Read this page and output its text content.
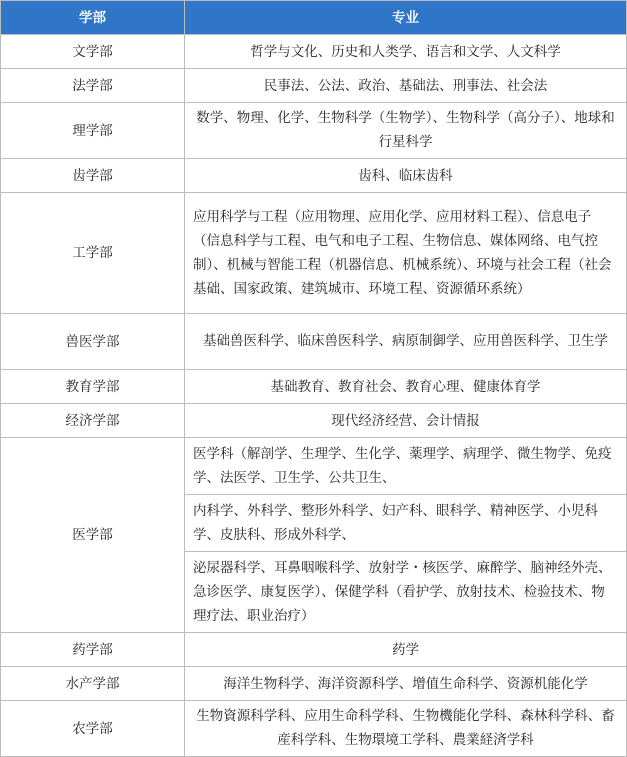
学部	专业
文学部	哲学与文化、历史和人类学、语言和文学、人文科学
法学部	民事法、公法、政治、基础法、刑事法、社会法
理学部	数学、物理、化学、生物科学（生物学）、生物科学（高分子）、地球和行星科学
齿学部	齿科、临床齿科
工学部	应用科学与工程（应用物理、应用化学、应用材料工程）、信息电子（信息科学与工程、电气和电子工程、生物信息、媒体网络、电气控制）、机械与智能工程（机器信息、机械系统）、环境与社会工程（社会基础、国家政策、建筑城市、环境工程、资源循环系统）
兽医学部	基础兽医科学、临床兽医科学、病原制御学、应用兽医科学、卫生学
教育学部	基础教育、教育社会、教育心理、健康体育学
经济学部	现代经济经营、会计情报
医学部	医学科（解剖学、生理学、生化学、薬理学、病理学、微生物学、免疫学、法医学、卫生学、公共卫生、
	内科学、外科学、整形外科学、妇产科、眼科学、精神医学、小児科学、皮肤科、形成外科学、
	泌尿器科学、耳鼻咽喉科学、放射学・核医学、麻醉学、脑神经外壳、急诊医学、康复医学）、保健学科（看护学、放射技术、检验技术、物理疗法、职业治疗）
药学部	药学
水产学部	海洋生物科学、海洋资源科学、增值生命科学、资源机能化学
农学部	生物資源科学科、应用生命科学科、生物機能化学科、森林科学科、畜産科学科、生物環境工学科、農業経済学科
